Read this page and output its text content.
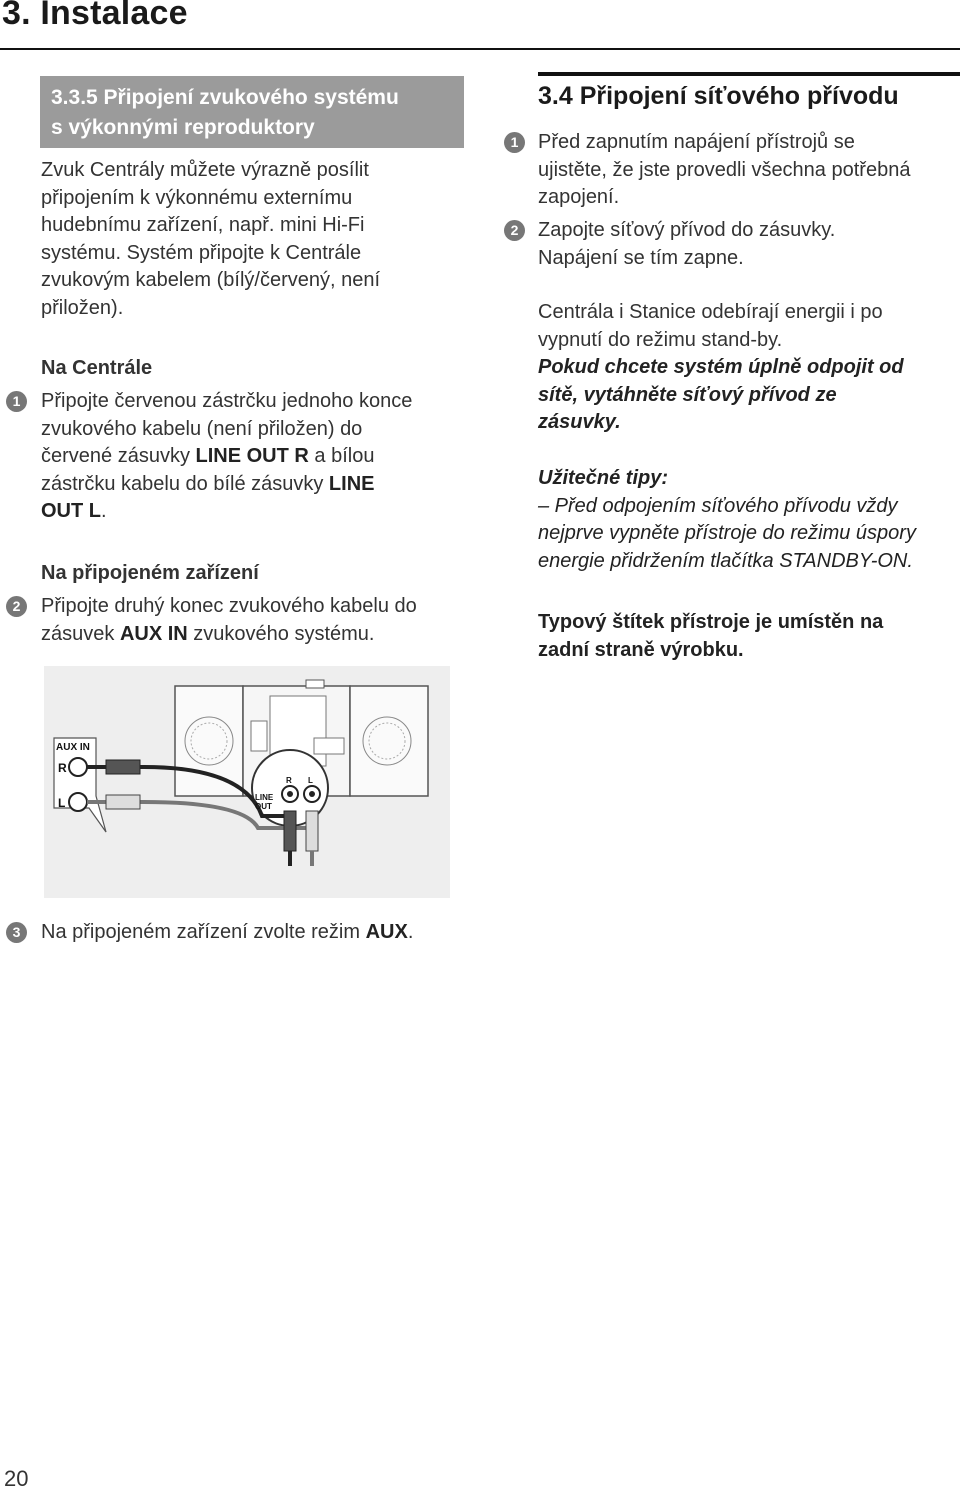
3. Instalace
3.3.5 Připojení zvukového systému
s výkonnými reproduktory
Zvuk Centrály můžete výrazně posílit
připojením k výkonnému externímu
hudebnímu zařízení, např. mini Hi-Fi
systému. Systém připojte k Centrále
zvukovým kabelem (bílý/červený, není
přiložen).
Na Centrále
1	Připojte červenou zástrčku jednoho konce
zvukového kabelu (není přiložen) do
červené zásuvky LINE OUT R a bílou
zástrčku kabelu do bílé zásuvky LINE
OUT L.
Na připojeném zařízení
2	Připojte druhý konec zvukového kabelu do
zásuvek AUX IN zvukového systému.
AUX IN
R
L	LINE
OUT
R L
3	Na připojeném zařízení zvolte režim AUX.
3.4 Připojení síťového přívodu
1 Před zapnutím napájení přístrojů se
ujistěte, že jste provedli všechna potřebná
zapojení.
2 Zapojte síťový přívod do zásuvky.
Napájení se tím zapne.
Centrála i Stanice odebírají energii i po
vypnutí do režimu stand-by.
Pokud chcete systém úplně odpojit od
sítě, vytáhněte síťový přívod ze
zásuvky.
Užitečné tipy:
– Před odpojením síťového přívodu vždy
nejprve vypněte přístroje do režimu úspory
energie přidržením tlačítka STANDBY-ON.
Typový štítek přístroje je umístěn na
zadní straně výrobku.
20
